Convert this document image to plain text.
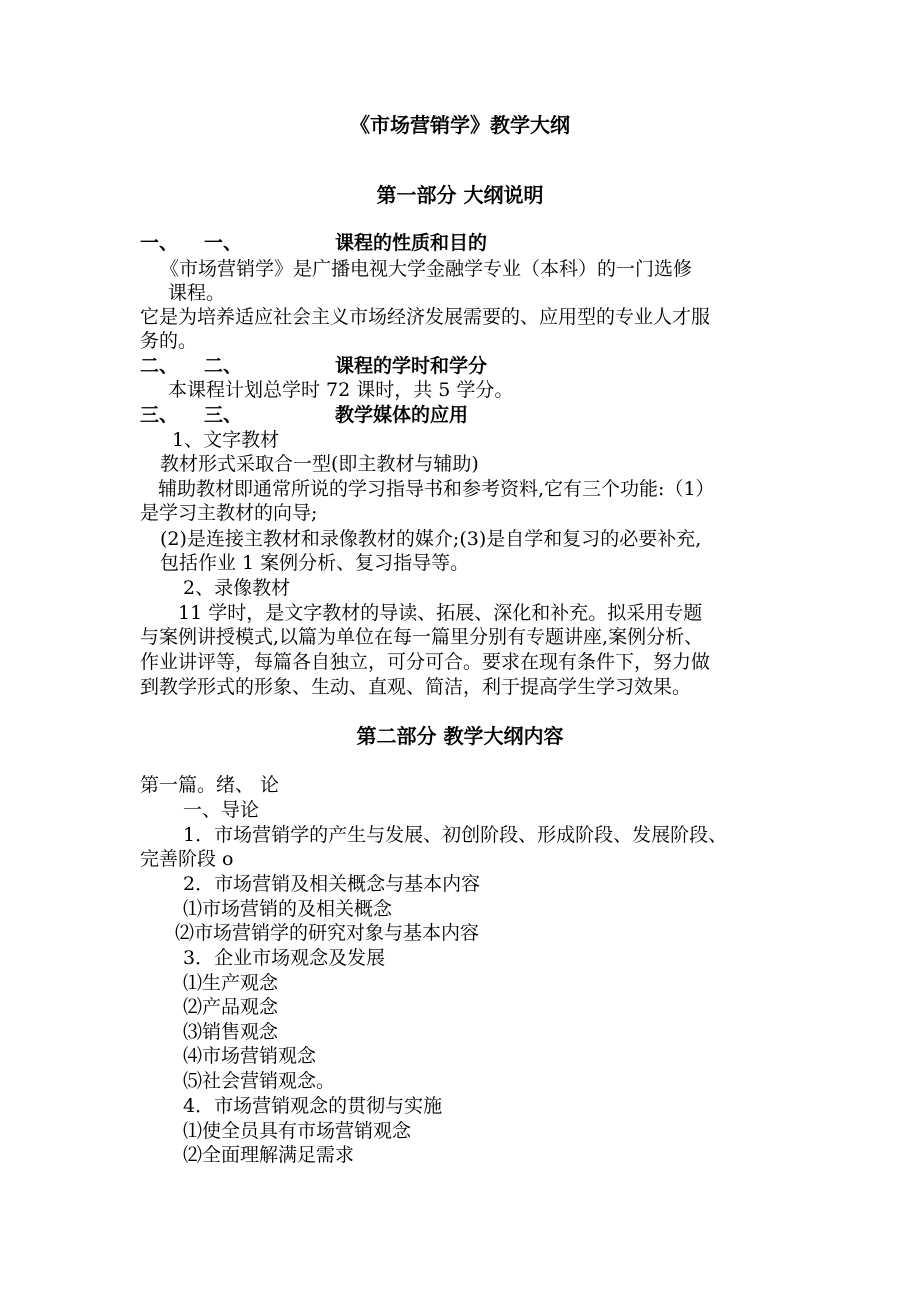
《市场营销学》教学大纲
第一部分 大纲说明
一、 一、	课程的性质和目的
《市场营销学》是广播电视大学金融学专业（本科）的一门选修
课程。
它是为培养适应社会主义市场经济发展需要的、应用型的专业人才服
务的。
二、 二、	课程的学时和学分
本课程计划总学时 72 课时，共 5 学分。
三、 三、	教学媒体的应用
1、文字教材
教材形式采取合一型(即主教材与辅助)
辅助教材即通常所说的学习指导书和参考资料,它有三个功能:（1）
是学习主教材的向导;
(2)是连接主教材和录像教材的媒介;(3)是自学和复习的必要补充,
包括作业 1 案例分析、复习指导等。
2、录像教材
11 学时，是文字教材的导读、拓展、深化和补充。拟采用专题
与案例讲授模式,以篇为单位在每一篇里分别有专题讲座,案例分析、
作业讲评等，每篇各自独立，可分可合。要求在现有条件下，努力做
到教学形式的形象、生动、直观、简洁，利于提高学生学习效果。
第二部分 教学大纲内容
第一篇。绪、 论
一、导论
1．市场营销学的产生与发展、初创阶段、形成阶段、发展阶段、
完善阶段 o
2．市场营销及相关概念与基本内容
⑴市场营销的及相关概念
⑵市场营销学的研究对象与基本内容
3．企业市场观念及发展
⑴生产观念
⑵产品观念
⑶销售观念
⑷市场营销观念
⑸社会营销观念。
4．市场营销观念的贯彻与实施
⑴使全员具有市场营销观念
⑵全面理解满足需求
